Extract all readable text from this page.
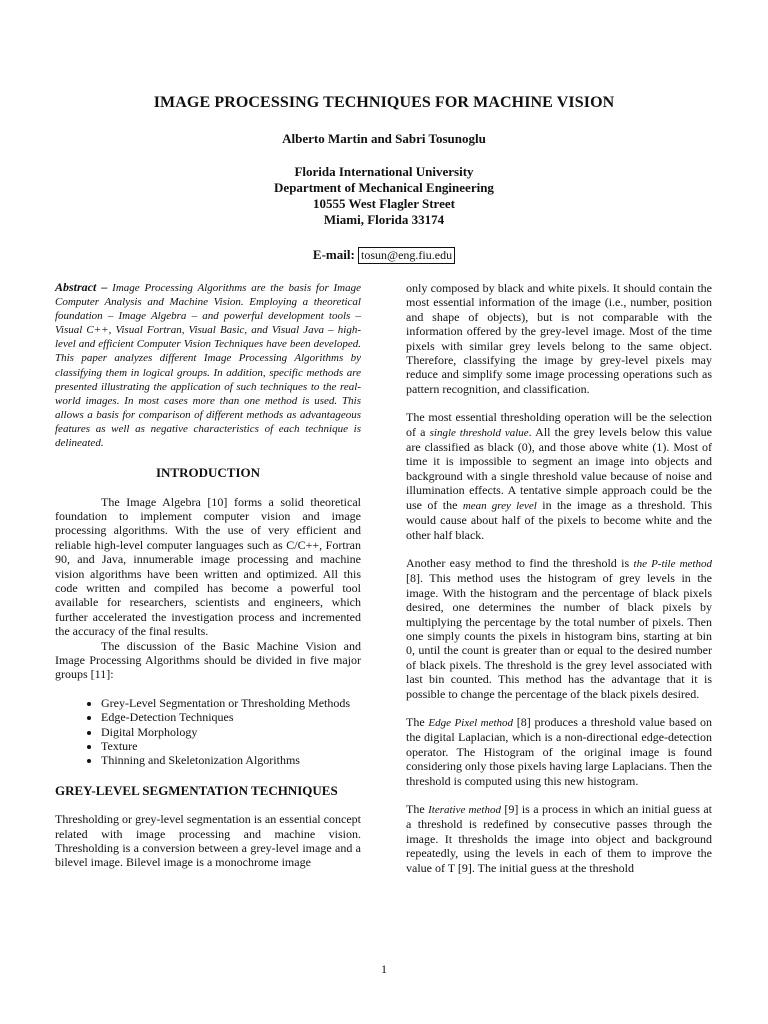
IMAGE PROCESSING TECHNIQUES FOR MACHINE VISION
Alberto Martin and Sabri Tosunoglu
Florida International University
Department of Mechanical Engineering
10555 West Flagler Street
Miami, Florida 33174
E-mail: tosun@eng.fiu.edu

Abstract – Image Processing Algorithms are the basis for Image Computer Analysis and Machine Vision. Employing a theoretical foundation – Image Algebra – and powerful development tools – Visual C++, Visual Fortran, Visual Basic, and Visual Java – high-level and efficient Computer Vision Techniques have been developed. This paper analyzes different Image Processing Algorithms by classifying them in logical groups. In addition, specific methods are presented illustrating the application of such techniques to the real-world images. In most cases more than one method is used. This allows a basis for comparison of different methods as advantageous features as well as negative characteristics of each technique is delineated.

INTRODUCTION

The Image Algebra [10] forms a solid theoretical foundation to implement computer vision and image processing algorithms. With the use of very efficient and reliable high-level computer languages such as C/C++, Fortran 90, and Java, innumerable image processing and machine vision algorithms have been written and optimized. All this code written and compiled has become a powerful tool available for researchers, scientists and engineers, which further accelerated the investigation process and incremented the accuracy of the final results.

The discussion of the Basic Machine Vision and Image Processing Algorithms should be divided in five major groups [11]:

• Grey-Level Segmentation or Thresholding Methods
• Edge-Detection Techniques
• Digital Morphology
• Texture
• Thinning and Skeletonization Algorithms
GREY-LEVEL SEGMENTATION TECHNIQUES

Thresholding or grey-level segmentation is an essential concept related with image processing and machine vision. Thresholding is a conversion between a grey-level image and a bilevel image. Bilevel image is a monochrome image

only composed by black and white pixels. It should contain the most essential information of the image (i.e., number, position and shape of objects), but is not comparable with the information offered by the grey-level image. Most of the time pixels with similar grey levels belong to the same object. Therefore, classifying the image by grey-level pixels may reduce and simplify some image processing operations such as pattern recognition, and classification.

The most essential thresholding operation will be the selection of a single threshold value. All the grey levels below this value are classified as black (0), and those above white (1). Most of time it is impossible to segment an image into objects and background with a single threshold value because of noise and illumination effects. A tentative simple approach could be the use of the mean grey level in the image as a threshold. This would cause about half of the pixels to become white and the other half black.

Another easy method to find the threshold is the P-tile method [8]. This method uses the histogram of grey levels in the image. With the histogram and the percentage of black pixels desired, one determines the number of black pixels by multiplying the percentage by the total number of pixels. Then one simply counts the pixels in histogram bins, starting at bin 0, until the count is greater than or equal to the desired number of black pixels. The threshold is the grey level associated with last bin counted. This method has the advantage that it is possible to change the percentage of the black pixels desired.

The Edge Pixel method [8] produces a threshold value based on the digital Laplacian, which is a non-directional edge-detection operator. The Histogram of the original image is found considering only those pixels having large Laplacians. Then the threshold is computed using this new histogram.

The Iterative method [9] is a process in which an initial guess at a threshold is redefined by consecutive passes through the image. It thresholds the image into object and background repeatedly, using the levels in each of them to improve the value of T [9]. The initial guess at the threshold

1
